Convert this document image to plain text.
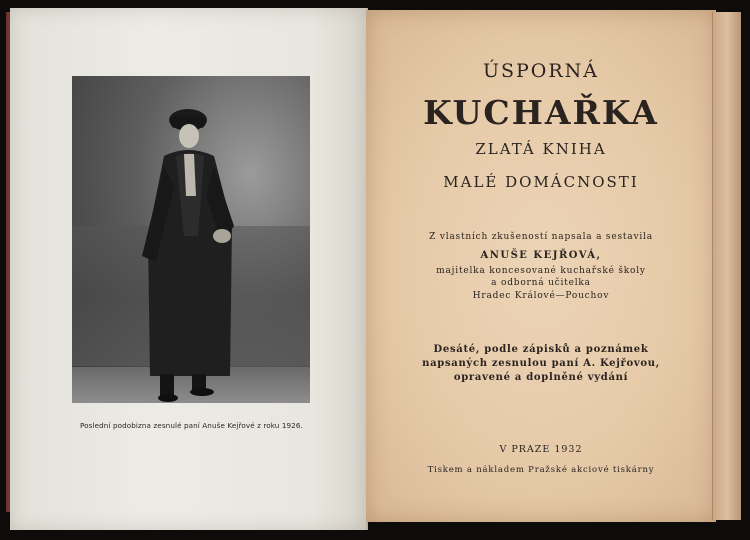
Poslední podobizna zesnulé paní Anuše Kejřové z roku 1926.
ÚSPORNÁ
KUCHAŘKA
ZLATÁ KNIHA
MALÉ DOMÁCNOSTI
Z vlastních zkušeností napsala a sestavila
ANUŠE KEJŘOVÁ,
majitelka koncesované kuchařské školy
a odborná učitelka
Hradec Králové—Pouchov
Desáté, podle zápisků a poznámek
napsaných zesnulou paní A. Kejřovou,
opravené a doplněné vydání
V PRAZE 1932
Tiskem a nákladem Pražské akciové tiskárny
